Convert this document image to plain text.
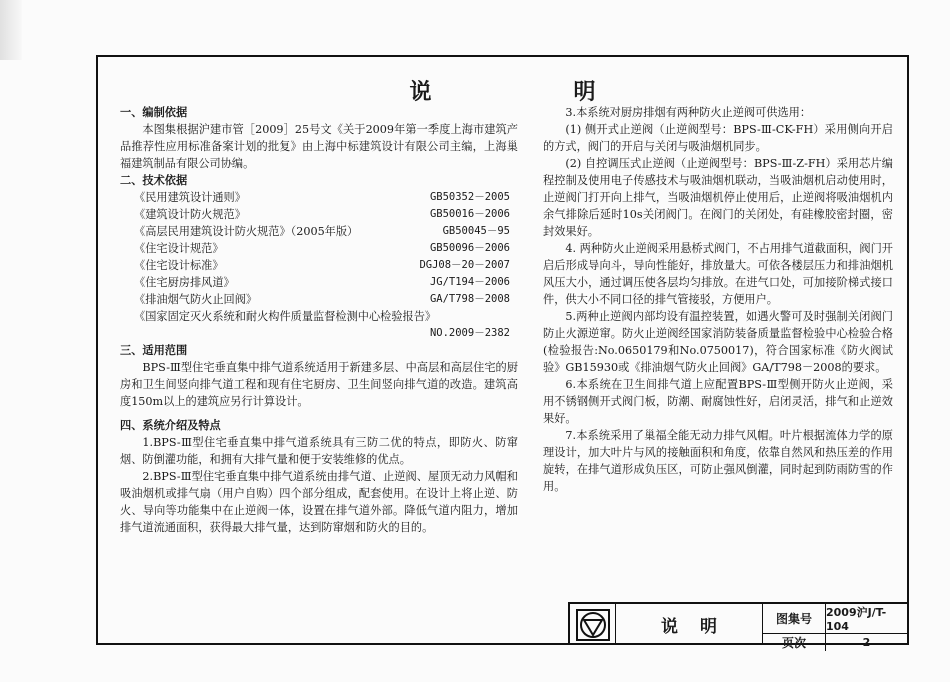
说　明

一、编制依据

本图集根据沪建市管［2009］25号文《关于2009年第一季度上海市建筑产品推荐性应用标准备案计划的批复》由上海中标建筑设计有限公司主编，上海巢福建筑制品有限公司协编。

二、技术依据

《民用建筑设计通则》	GB50352－2005
《建筑设计防火规范》	GB50016－2006
《高层民用建筑设计防火规范》（2005年版）	GB50045－95
《住宅设计规范》	GB50096－2006
《住宅设计标准》	DGJ08－20－2007
《住宅厨房排风道》	JG/T194－2006
《排油烟气防火止回阀》	GA/T798－2008
《国家固定灭火系统和耐火构件质量监督检测中心检验报告》
NO.2009－2382

三、适用范围

BPS-Ⅲ型住宅垂直集中排气道系统适用于新建多层、中高层和高层住宅的厨房和卫生间竖向排气道工程和现有住宅厨房、卫生间竖向排气道的改造。建筑高度150m以上的建筑应另行计算设计。

四、系统介绍及特点

1.BPS-Ⅲ型住宅垂直集中排气道系统具有三防二优的特点，即防火、防窜烟、防倒灌功能，和拥有大排气量和便于安装维修的优点。

2.BPS-Ⅲ型住宅垂直集中排气道系统由排气道、止逆阀、屋顶无动力风帽和吸油烟机或排气扇（用户自购）四个部分组成，配套使用。在设计上将止逆、防火、导向等功能集中在止逆阀一体，设置在排气道外部。降低气道内阻力，增加排气道流通面积，获得最大排气量，达到防窜烟和防火的目的。

3.本系统对厨房排烟有两种防火止逆阀可供选用：

(1) 侧开式止逆阀（止逆阀型号：BPS-Ⅲ-CK-FH）采用侧向开启的方式，阀门的开启与关闭与吸油烟机同步。

(2) 自控调压式止逆阀（止逆阀型号：BPS-Ⅲ-Z-FH）采用芯片编程控制及使用电子传感技术与吸油烟机联动，当吸油烟机启动使用时，止逆阀门打开向上排气，当吸油烟机停止使用后，止逆阀将吸油烟机内余气排除后延时10s关闭阀门。在阀门的关闭处，有硅橡胶密封圈，密封效果好。

4. 两种防火止逆阀采用悬桥式阀门，不占用排气道截面积，阀门开启后形成导向斗，导向性能好，排放量大。可依各楼层压力和排油烟机风压大小，通过调压使各层均匀排放。在进气口处，可加接阶梯式接口件，供大小不同口径的排气管接驳，方便用户。

5.两种止逆阀内部均设有温控装置，如遇火警可及时强制关闭阀门防止火源逆窜。防火止逆阀经国家消防装备质量监督检验中心检验合格(检验报告:No.0650179和No.0750017)，符合国家标准《防火阀试验》GB15930或《排油烟气防火止回阀》GA/T798－2008的要求。

6.本系统在卫生间排气道上应配置BPS-Ⅲ型侧开防火止逆阀，采用不锈钢侧开式阀门板，防潮、耐腐蚀性好，启闭灵活，排气和止逆效果好。

7.本系统采用了巢福全能无动力排气风帽。叶片根据流体力学的原理设计，加大叶片与风的接触面积和角度，依靠自然风和热压差的作用旋转，在排气道形成负压区，可防止强风倒灌，同时起到防雨防雪的作用。

说明	图集号	2009沪J/T-104
页次	2
